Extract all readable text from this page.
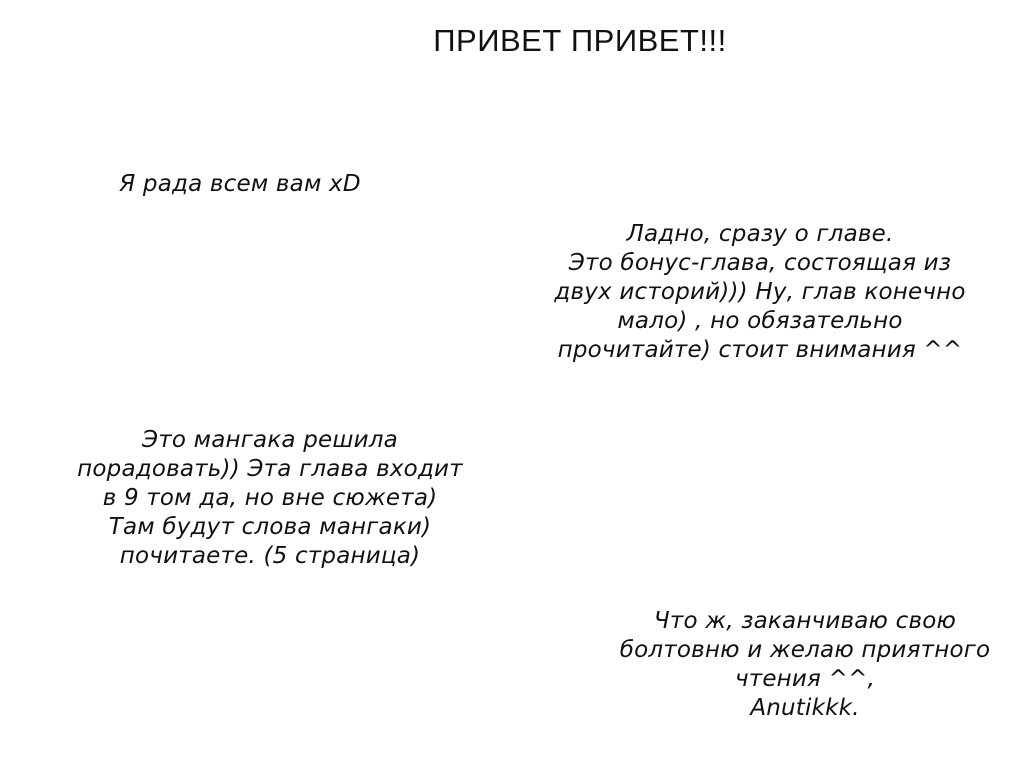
ПРИВЕТ ПРИВЕТ!!!
Я рада всем вам xD
Ладно, сразу о главе.
Это бонус-глава, состоящая из
двух историй))) Ну, глав конечно
мало) , но обязательно
прочитайте) стоит внимания ^^
Это мангака решила
порадовать)) Эта глава входит
в 9 том да, но вне сюжета)
Там будут слова мангаки)
почитаете. (5 страница)
Что ж, заканчиваю свою
болтовню и желаю приятного
чтения ^^,
Anutikkk.
